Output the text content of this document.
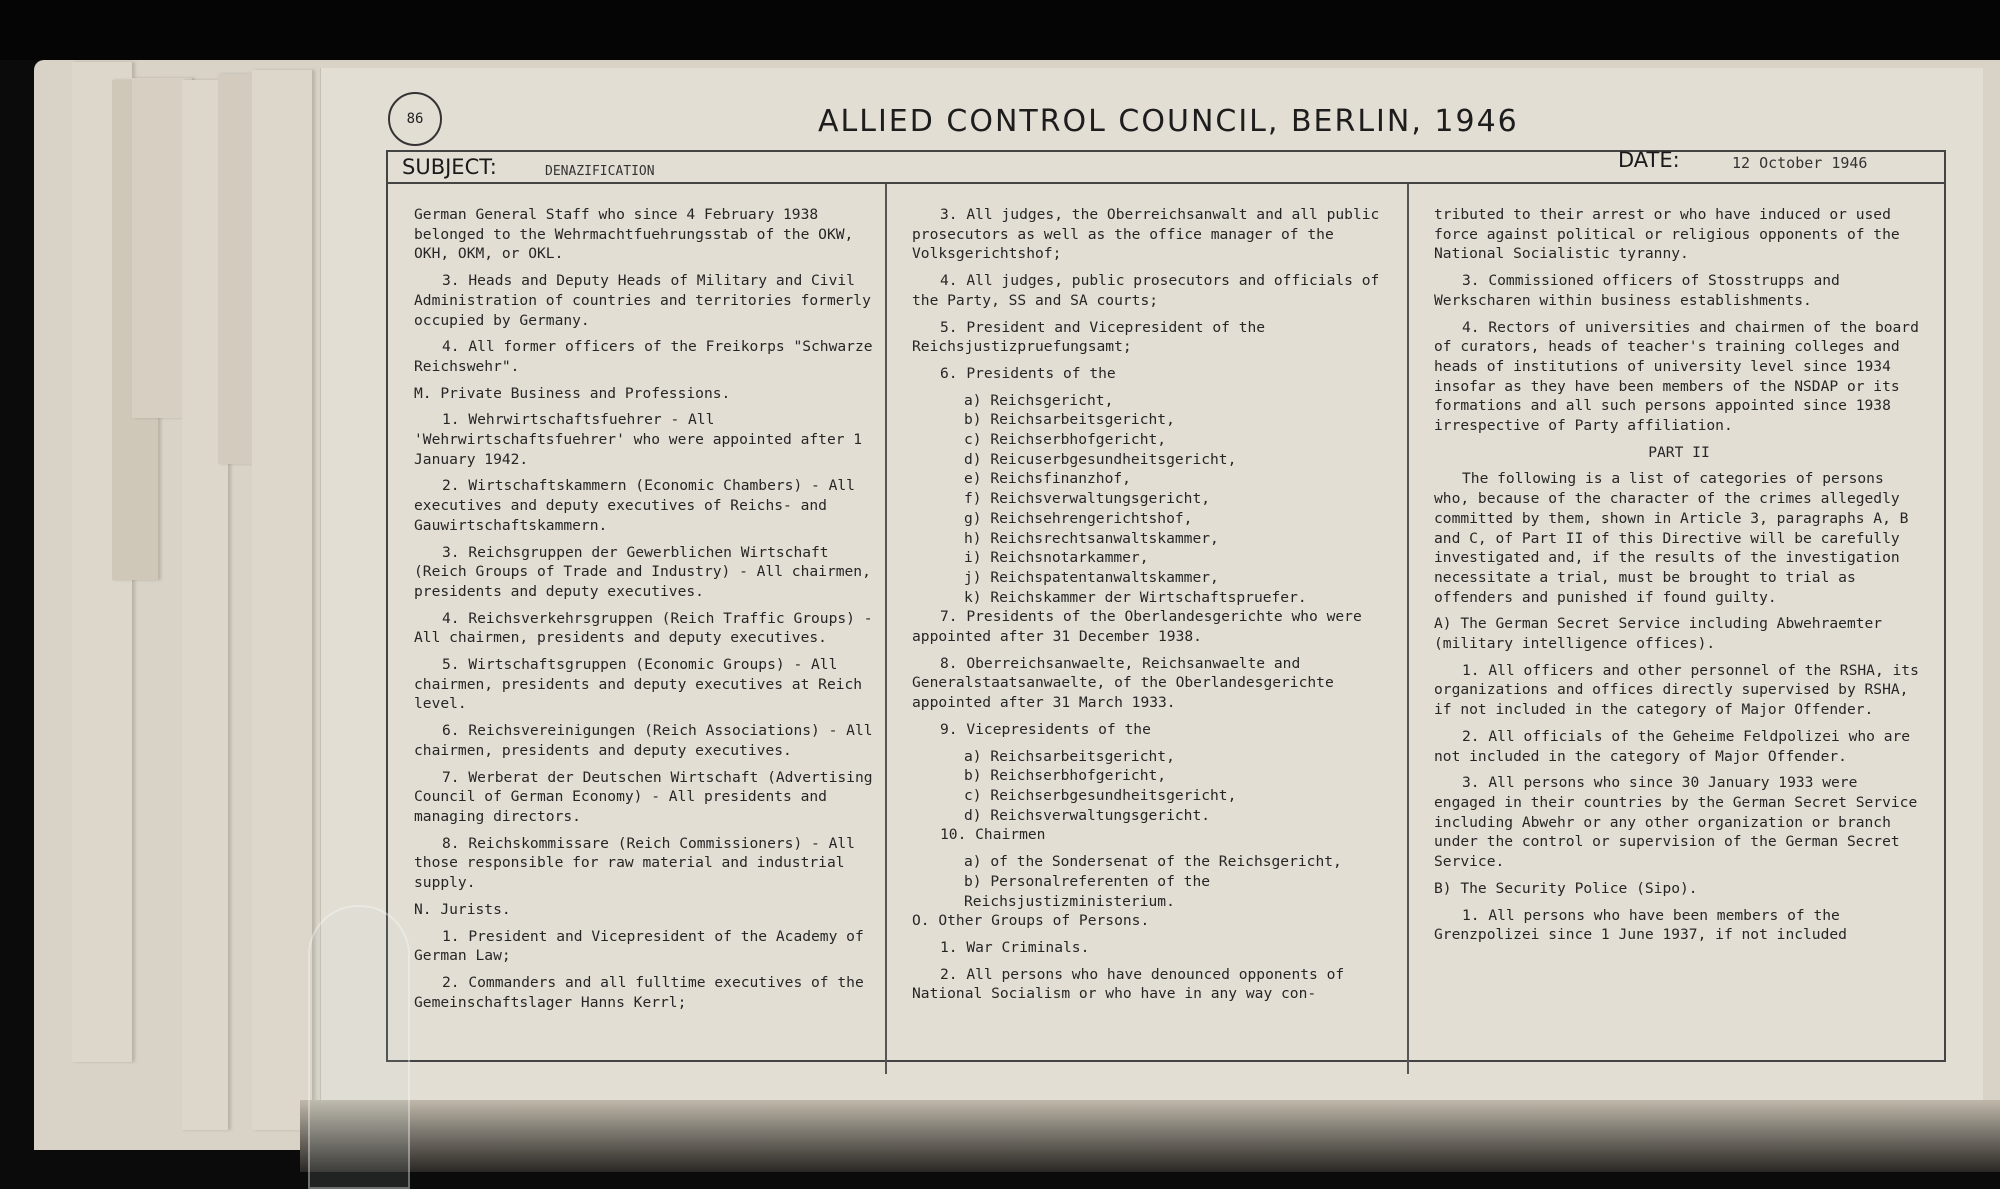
86	ALLIED CONTROL COUNCIL, BERLIN, 1946
SUBJECT:	DENAZIFICATION	DATE:	12 October 1946

German General Staff who since 4 February 1938 belonged to the Wehrmachtfuehrungsstab of the OKW, OKH, OKM, or OKL.

3. Heads and Deputy Heads of Military and Civil Administration of countries and territories formerly occupied by Germany.

4. All former officers of the Freikorps "Schwarze Reichswehr".

M. Private Business and Professions.

1. Wehrwirtschaftsfuehrer - All 'Wehrwirtschaftsfuehrer' who were appointed after 1 January 1942.

2. Wirtschaftskammern (Economic Chambers) - All executives and deputy executives of Reichs- and Gauwirtschaftskammern.

3. Reichsgruppen der Gewerblichen Wirtschaft (Reich Groups of Trade and Industry) - All chairmen, presidents and deputy executives.

4. Reichsverkehrsgruppen (Reich Traffic Groups) - All chairmen, presidents and deputy executives.

5. Wirtschaftsgruppen (Economic Groups) - All chairmen, presidents and deputy executives at Reich level.

6. Reichsvereinigungen (Reich Associations) - All chairmen, presidents and deputy executives.

7. Werberat der Deutschen Wirtschaft (Advertising Council of German Economy) - All presidents and managing directors.

8. Reichskommissare (Reich Commissioners) - All those responsible for raw material and industrial supply.

N. Jurists.

1. President and Vicepresident of the Academy of German Law;

2. Commanders and all fulltime executives of the Gemeinschaftslager Hanns Kerrl;

3. All judges, the Oberreichsanwalt and all public prosecutors as well as the office manager of the Volksgerichtshof;

4. All judges, public prosecutors and officials of the Party, SS and SA courts;

5. President and Vicepresident of the Reichsjustizpruefungsamt;

6. Presidents of the

a) Reichsgericht,

b) Reichsarbeitsgericht,

c) Reichserbhofgericht,

d) Reicuserbgesundheitsgericht,

e) Reichsfinanzhof,

f) Reichsverwaltungsgericht,

g) Reichsehrengerichtshof,

h) Reichsrechtsanwaltskammer,

i) Reichsnotarkammer,

j) Reichspatentanwaltskammer,

k) Reichskammer der Wirtschaftspruefer.

7. Presidents of the Oberlandesgerichte who were appointed after 31 December 1938.

8. Oberreichsanwaelte, Reichsanwaelte and Generalstaatsanwaelte, of the Oberlandesgerichte appointed after 31 March 1933.

9. Vicepresidents of the

a) Reichsarbeitsgericht,

b) Reichserbhofgericht,

c) Reichserbgesundheitsgericht,

d) Reichsverwaltungsgericht.

10. Chairmen

a) of the Sondersenat of the Reichsgericht,

b) Personalreferenten of the Reichsjustizministerium.

O. Other Groups of Persons.

1. War Criminals.

2. All persons who have denounced opponents of National Socialism or who have in any way con-

tributed to their arrest or who have induced or used force against political or religious opponents of the National Socialistic tyranny.

3. Commissioned officers of Stosstrupps and Werkscharen within business establishments.

4. Rectors of universities and chairmen of the board of curators, heads of teacher's training colleges and heads of institutions of university level since 1934 insofar as they have been members of the NSDAP or its formations and all such persons appointed since 1938 irrespective of Party affiliation.

PART II

The following is a list of categories of persons who, because of the character of the crimes allegedly committed by them, shown in Article 3, paragraphs A, B and C, of Part II of this Directive will be carefully investigated and, if the results of the investigation necessitate a trial, must be brought to trial as offenders and punished if found guilty.

A) The German Secret Service including Abwehraemter (military intelligence offices).

1. All officers and other personnel of the RSHA, its organizations and offices directly supervised by RSHA, if not included in the category of Major Offender.

2. All officials of the Geheime Feldpolizei who are not included in the category of Major Offender.

3. All persons who since 30 January 1933 were engaged in their countries by the German Secret Service including Abwehr or any other organization or branch under the control or supervision of the German Secret Service.

B) The Security Police (Sipo).

1. All persons who have been members of the Grenzpolizei since 1 June 1937, if not included
